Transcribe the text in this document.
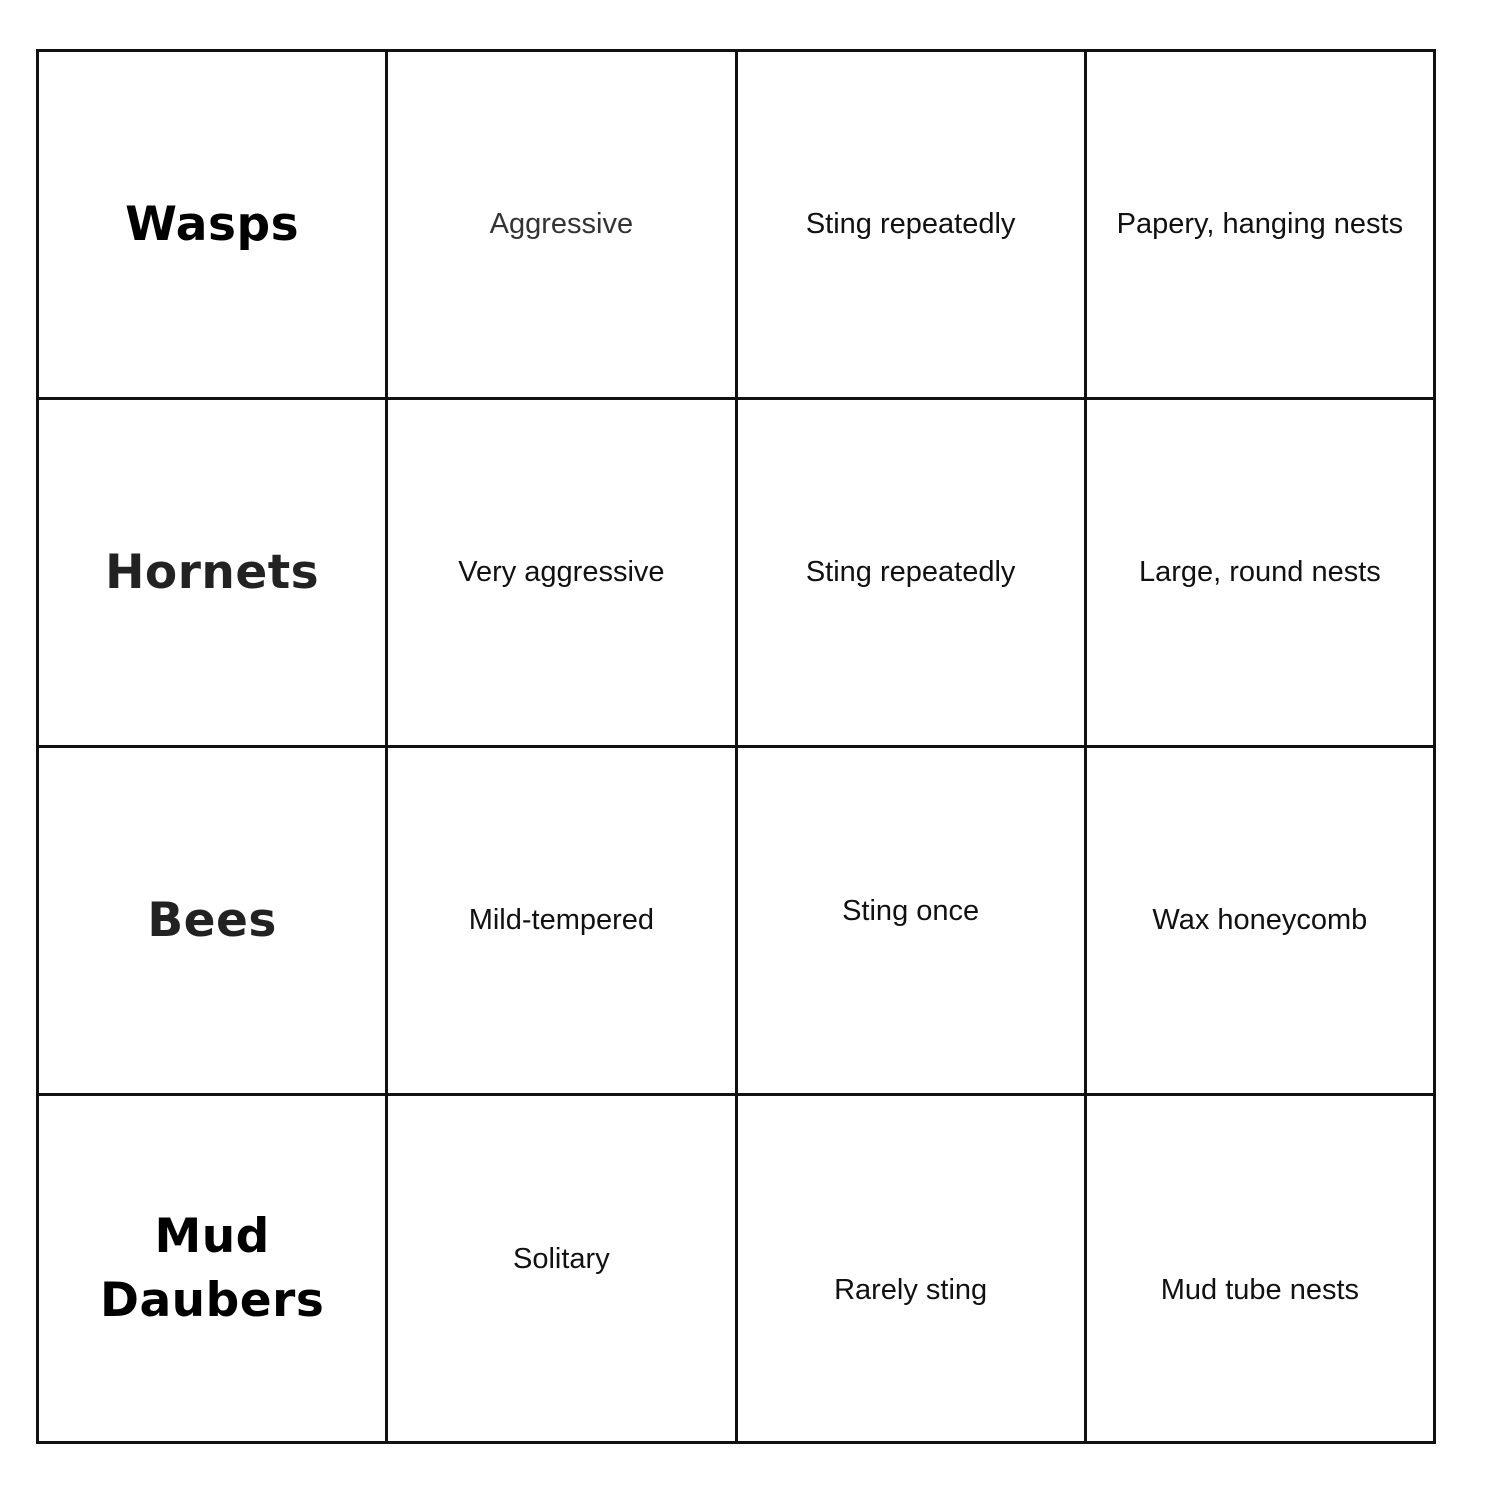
Wasps	Aggressive	Sting repeatedly	Papery, hanging nests
Hornets	Very aggressive	Sting repeatedly	Large, round nests
Bees	Mild-tempered	Sting once	Wax honeycomb
Mud Daubers	Solitary	Rarely sting	Mud tube nests
